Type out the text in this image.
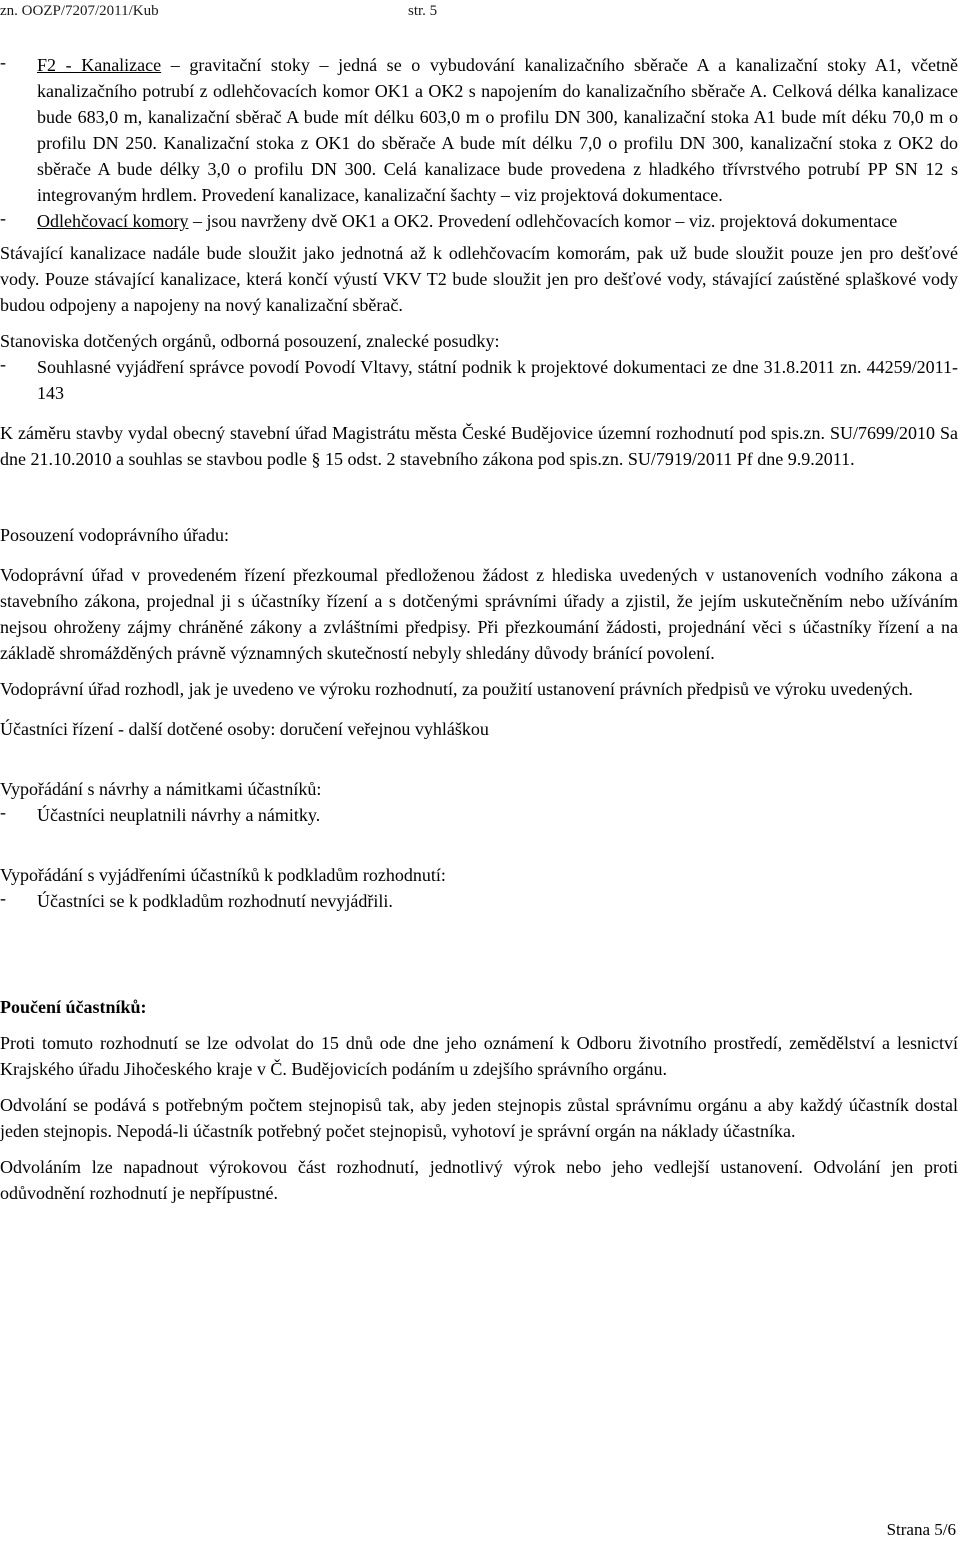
zn. OOZP/7207/2011/Kub	str. 5
-	F2 - Kanalizace – gravitační stoky – jedná se o vybudování kanalizačního sběrače A a kanalizační stoky A1, včetně kanalizačního potrubí z odlehčovacích komor OK1 a OK2 s napojením do kanalizačního sběrače A. Celková délka kanalizace bude 683,0 m, kanalizační sběrač A bude mít délku 603,0 m o profilu DN 300, kanalizační stoka A1 bude mít déku 70,0 m o profilu DN 250. Kanalizační stoka z OK1 do sběrače A bude mít délku 7,0 o profilu DN 300, kanalizační stoka z OK2 do sběrače A bude délky 3,0 o profilu DN 300. Celá kanalizace bude provedena z hladkého třívrstvého potrubí PP SN 12 s integrovaným hrdlem. Provedení kanalizace, kanalizační šachty – viz projektová dokumentace.

-	Odlehčovací komory – jsou navrženy dvě OK1 a OK2. Provedení odlehčovacích komor – viz. projektová dokumentace

Stávající kanalizace nadále bude sloužit jako jednotná až k odlehčovacím komorám, pak už bude sloužit pouze jen pro dešťové vody. Pouze stávající kanalizace, která končí výustí VKV T2 bude sloužit jen pro dešťové vody, stávající zaústěné splaškové vody budou odpojeny a napojeny na nový kanalizační sběrač.

Stanoviska dotčených orgánů, odborná posouzení, znalecké posudky:

-	Souhlasné vyjádření správce povodí Povodí Vltavy, státní podnik k projektové dokumentaci ze dne 31.8.2011 zn. 44259/2011-143

K záměru stavby vydal obecný stavební úřad Magistrátu města České Budějovice územní rozhodnutí pod spis.zn. SU/7699/2010 Sa dne 21.10.2010 a souhlas se stavbou podle § 15 odst. 2 stavebního zákona pod spis.zn. SU/7919/2011 Pf dne 9.9.2011.

Posouzení vodoprávního úřadu:

Vodoprávní úřad v provedeném řízení přezkoumal předloženou žádost z hlediska uvedených v ustanoveních vodního zákona a stavebního zákona, projednal ji s účastníky řízení a s dotčenými správními úřady a zjistil, že jejím uskutečněním nebo užíváním nejsou ohroženy zájmy chráněné zákony a zvláštními předpisy. Při přezkoumání žádosti, projednání věci s účastníky řízení a na základě shromážděných právně významných skutečností nebyly shledány důvody bránící povolení.

Vodoprávní úřad rozhodl, jak je uvedeno ve výroku rozhodnutí, za použití ustanovení právních předpisů ve výroku uvedených.

Účastníci řízení - další dotčené osoby: doručení veřejnou vyhláškou

Vypořádání s návrhy a námitkami účastníků:

-	Účastníci neuplatnili návrhy a námitky.

Vypořádání s vyjádřeními účastníků k podkladům rozhodnutí:

-	Účastníci se k podkladům rozhodnutí nevyjádřili.

Poučení účastníků:

Proti tomuto rozhodnutí se lze odvolat do 15 dnů ode dne jeho oznámení k Odboru životního prostředí, zemědělství a lesnictví Krajského úřadu Jihočeského kraje v Č. Budějovicích podáním u zdejšího správního orgánu.

Odvolání se podává s potřebným počtem stejnopisů tak, aby jeden stejnopis zůstal správnímu orgánu a aby každý účastník dostal jeden stejnopis. Nepodá-li účastník potřebný počet stejnopisů, vyhotoví je správní orgán na náklady účastníka.

Odvoláním lze napadnout výrokovou část rozhodnutí, jednotlivý výrok nebo jeho vedlejší ustanovení. Odvolání jen proti odůvodnění rozhodnutí je nepřípustné.

Strana 5/6
